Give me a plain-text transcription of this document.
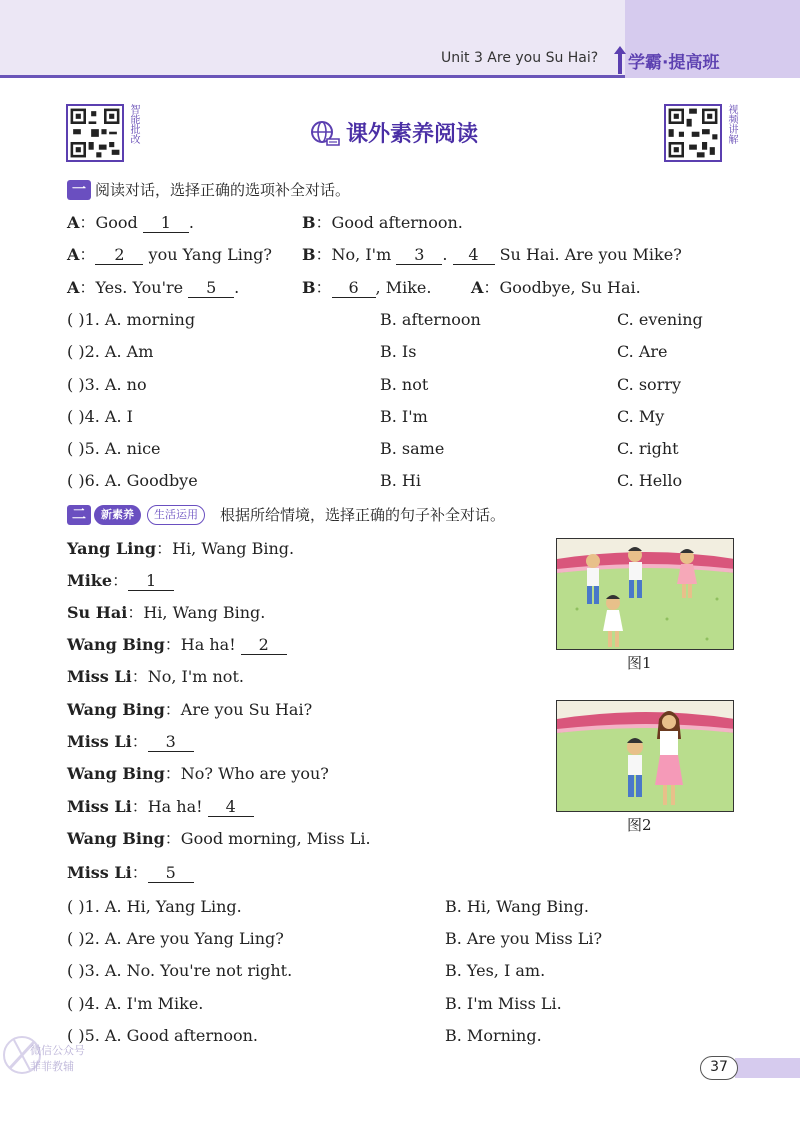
Unit 3 Are you Su Hai? 学霸·提高班
智能批改	视频讲解
课外素养阅读
一 阅读对话，选择正确的选项补全对话。
A：Good 1 .	B：Good afternoon.
A： 2 you Yang Ling? B：No, I'm 3 . 4 Su Hai. Are you Mike?
A：Yes. You're 5 .	B： 6 , Mike. A：Goodbye, Su Hai.
( )1. A. morning	B. afternoon	C. evening
( )2. A. Am	B. Is	C. Are
( )3. A. no	B. not	C. sorry
( )4. A. I	B. I'm	C. My
( )5. A. nice	B. same	C. right
( )6. A. Goodbye	B. Hi	C. Hello
二	新素养	生活运用	根据所给情境，选择正确的句子补全对话。
Yang Ling：Hi, Wang Bing.
Mike： 1
Su Hai：Hi, Wang Bing.
Wang Bing：Ha ha! 2
Miss Li：No, I'm not.
Wang Bing：Are you Su Hai?
Miss Li： 3
Wang Bing：No? Who are you?
Miss Li：Ha ha! 4
Wang Bing：Good morning, Miss Li.
Miss Li： 5
图1
图2
( )1. A. Hi, Yang Ling.	B. Hi, Wang Bing.
( )2. A. Are you Yang Ling?	B. Are you Miss Li?
( )3. A. No. You're not right.	B. Yes, I am.
( )4. A. I'm Mike.	B. I'm Miss Li.
( )5. A. Good afternoon.	B. Morning.
微信公众号
菲菲教辅	37
